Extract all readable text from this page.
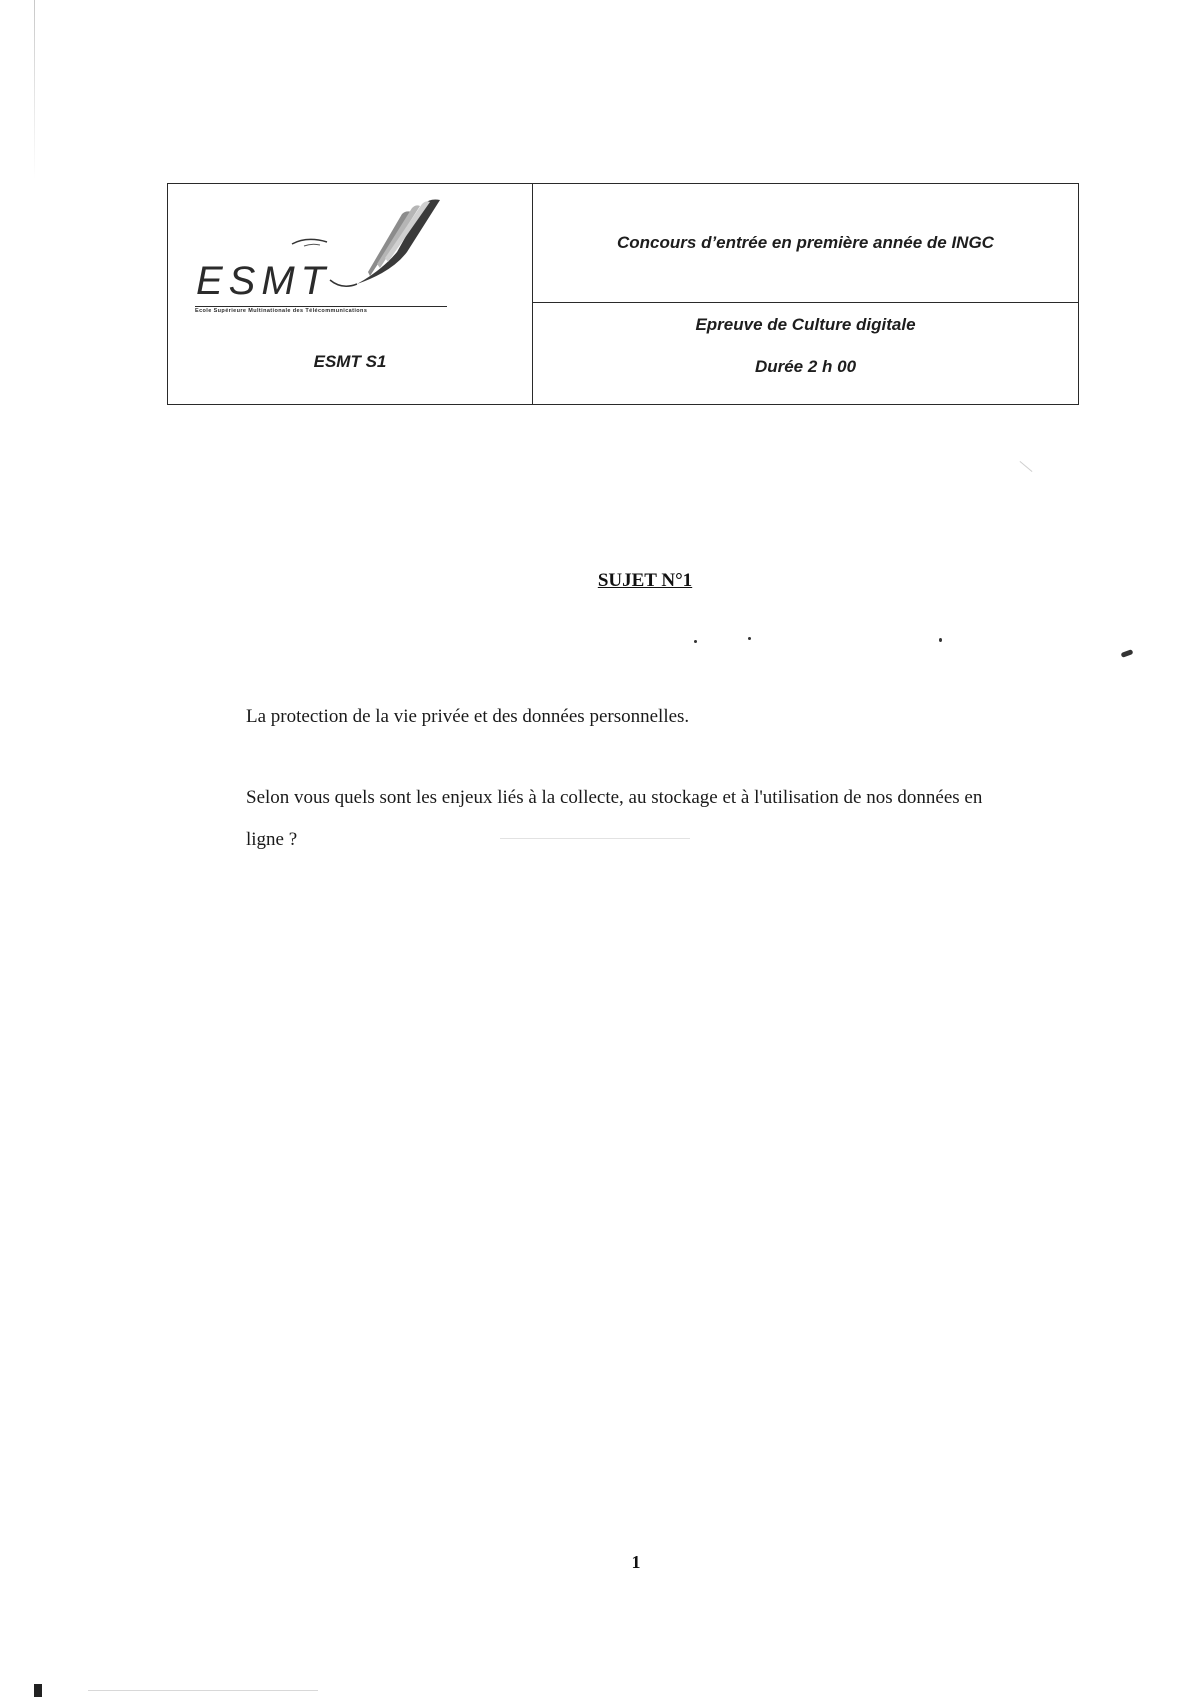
ESMT
Ecole Supérieure Multinationale des Télécommunications
ESMT S1
Concours d’entrée en première année de INGC
Epreuve de Culture digitale
Durée 2 h 00
SUJET N°1
La protection de la vie privée et des données personnelles.
Selon vous quels sont les enjeux liés à la collecte, au stockage et à l'utilisation de nos données en ligne ?
1
